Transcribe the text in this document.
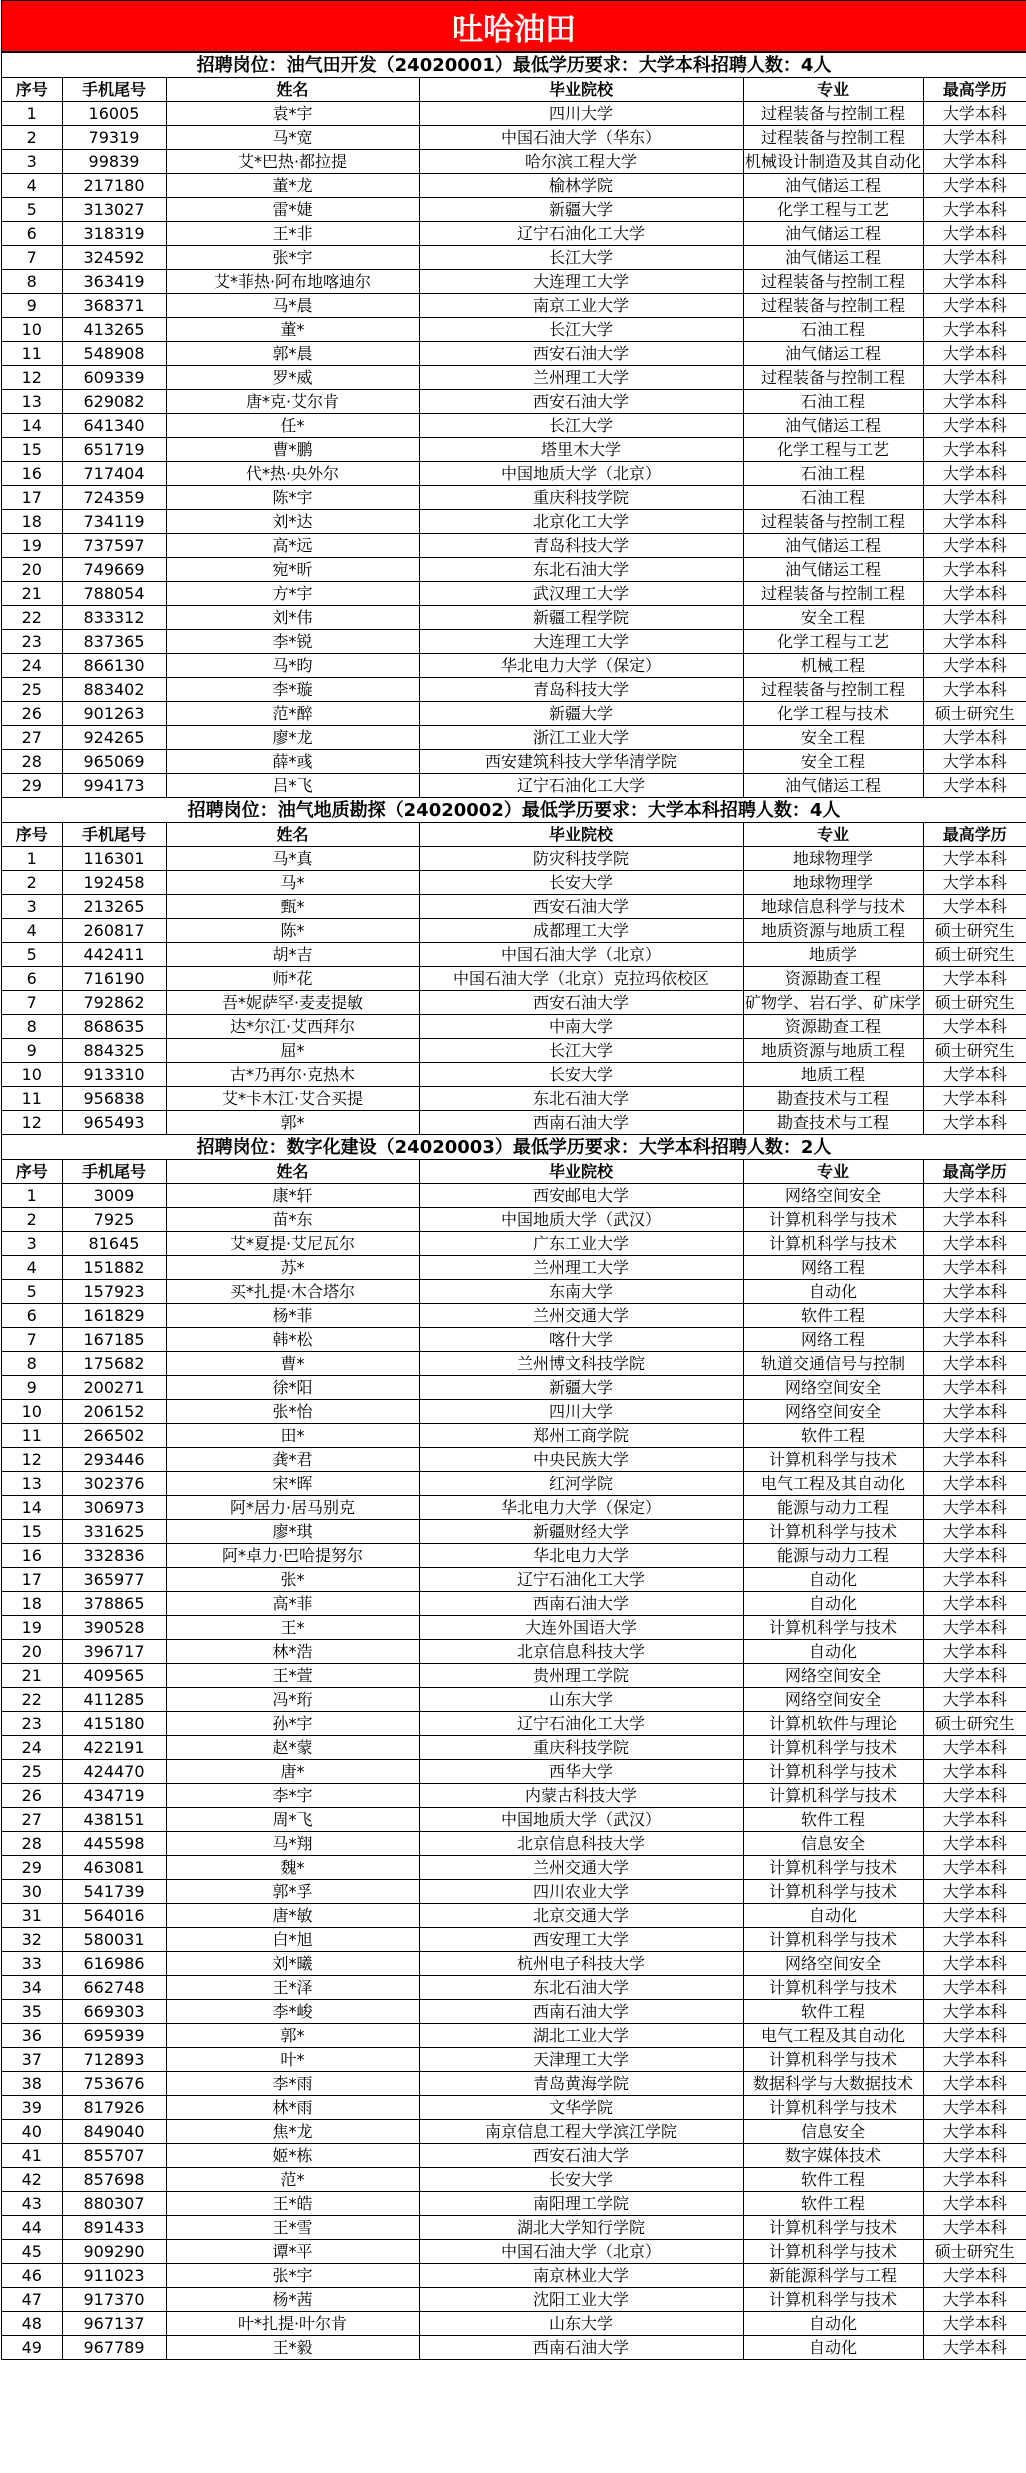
吐哈油田
招聘岗位：油气田开发（24020001）最低学历要求：大学本科招聘人数：4人					
序号	手机尾号	姓名	毕业院校	专业	最高学历
1	16005	袁*宇	四川大学	过程装备与控制工程	大学本科
2	79319	马*宽	中国石油大学（华东）	过程装备与控制工程	大学本科
3	99839	艾*巴热·都拉提	哈尔滨工程大学	机械设计制造及其自动化	大学本科
4	217180	董*龙	榆林学院	油气储运工程	大学本科
5	313027	雷*婕	新疆大学	化学工程与工艺	大学本科
6	318319	王*非	辽宁石油化工大学	油气储运工程	大学本科
7	324592	张*宇	长江大学	油气储运工程	大学本科
8	363419	艾*菲热·阿布地喀迪尔	大连理工大学	过程装备与控制工程	大学本科
9	368371	马*晨	南京工业大学	过程装备与控制工程	大学本科
10	413265	董*	长江大学	石油工程	大学本科
11	548908	郭*晨	西安石油大学	油气储运工程	大学本科
12	609339	罗*威	兰州理工大学	过程装备与控制工程	大学本科
13	629082	唐*克·艾尔肯	西安石油大学	石油工程	大学本科
14	641340	任*	长江大学	油气储运工程	大学本科
15	651719	曹*鹏	塔里木大学	化学工程与工艺	大学本科
16	717404	代*热·央外尔	中国地质大学（北京）	石油工程	大学本科
17	724359	陈*宇	重庆科技学院	石油工程	大学本科
18	734119	刘*达	北京化工大学	过程装备与控制工程	大学本科
19	737597	高*远	青岛科技大学	油气储运工程	大学本科
20	749669	宛*昕	东北石油大学	油气储运工程	大学本科
21	788054	方*宇	武汉理工大学	过程装备与控制工程	大学本科
22	833312	刘*伟	新疆工程学院	安全工程	大学本科
23	837365	李*锐	大连理工大学	化学工程与工艺	大学本科
24	866130	马*昀	华北电力大学（保定）	机械工程	大学本科
25	883402	李*璇	青岛科技大学	过程装备与控制工程	大学本科
26	901263	范*醉	新疆大学	化学工程与技术	硕士研究生
27	924265	廖*龙	浙江工业大学	安全工程	大学本科
28	965069	薛*彧	西安建筑科技大学华清学院	安全工程	大学本科
29	994173	吕*飞	辽宁石油化工大学	油气储运工程	大学本科
招聘岗位：油气地质勘探（24020002）最低学历要求：大学本科招聘人数：4人					
序号	手机尾号	姓名	毕业院校	专业	最高学历
1	116301	马*真	防灾科技学院	地球物理学	大学本科
2	192458	马*	长安大学	地球物理学	大学本科
3	213265	甄*	西安石油大学	地球信息科学与技术	大学本科
4	260817	陈*	成都理工大学	地质资源与地质工程	硕士研究生
5	442411	胡*吉	中国石油大学（北京）	地质学	硕士研究生
6	716190	师*花	中国石油大学（北京）克拉玛依校区	资源勘查工程	大学本科
7	792862	吾*妮萨罕·麦麦提敏	西安石油大学	矿物学、岩石学、矿床学	硕士研究生
8	868635	达*尔江·艾西拜尔	中南大学	资源勘查工程	大学本科
9	884325	屈*	长江大学	地质资源与地质工程	硕士研究生
10	913310	古*乃再尔·克热木	长安大学	地质工程	大学本科
11	956838	艾*卡木江·艾合买提	东北石油大学	勘查技术与工程	大学本科
12	965493	郭*	西南石油大学	勘查技术与工程	大学本科
招聘岗位：数字化建设（24020003）最低学历要求：大学本科招聘人数：2人					
序号	手机尾号	姓名	毕业院校	专业	最高学历
1	3009	康*轩	西安邮电大学	网络空间安全	大学本科
2	7925	苗*东	中国地质大学（武汉）	计算机科学与技术	大学本科
3	81645	艾*夏提·艾尼瓦尔	广东工业大学	计算机科学与技术	大学本科
4	151882	苏*	兰州理工大学	网络工程	大学本科
5	157923	买*扎提·木合塔尔	东南大学	自动化	大学本科
6	161829	杨*菲	兰州交通大学	软件工程	大学本科
7	167185	韩*松	喀什大学	网络工程	大学本科
8	175682	曹*	兰州博文科技学院	轨道交通信号与控制	大学本科
9	200271	徐*阳	新疆大学	网络空间安全	大学本科
10	206152	张*怡	四川大学	网络空间安全	大学本科
11	266502	田*	郑州工商学院	软件工程	大学本科
12	293446	龚*君	中央民族大学	计算机科学与技术	大学本科
13	302376	宋*晖	红河学院	电气工程及其自动化	大学本科
14	306973	阿*居力·居马别克	华北电力大学（保定）	能源与动力工程	大学本科
15	331625	廖*琪	新疆财经大学	计算机科学与技术	大学本科
16	332836	阿*卓力·巴哈提努尔	华北电力大学	能源与动力工程	大学本科
17	365977	张*	辽宁石油化工大学	自动化	大学本科
18	378865	高*菲	西南石油大学	自动化	大学本科
19	390528	王*	大连外国语大学	计算机科学与技术	大学本科
20	396717	林*浩	北京信息科技大学	自动化	大学本科
21	409565	王*萱	贵州理工学院	网络空间安全	大学本科
22	411285	冯*珩	山东大学	网络空间安全	大学本科
23	415180	孙*宇	辽宁石油化工大学	计算机软件与理论	硕士研究生
24	422191	赵*蒙	重庆科技学院	计算机科学与技术	大学本科
25	424470	唐*	西华大学	计算机科学与技术	大学本科
26	434719	李*宇	内蒙古科技大学	计算机科学与技术	大学本科
27	438151	周*飞	中国地质大学（武汉）	软件工程	大学本科
28	445598	马*翔	北京信息科技大学	信息安全	大学本科
29	463081	魏*	兰州交通大学	计算机科学与技术	大学本科
30	541739	郭*孚	四川农业大学	计算机科学与技术	大学本科
31	564016	唐*敏	北京交通大学	自动化	大学本科
32	580031	白*旭	西安理工大学	计算机科学与技术	大学本科
33	616986	刘*曦	杭州电子科技大学	网络空间安全	大学本科
34	662748	王*泽	东北石油大学	计算机科学与技术	大学本科
35	669303	李*峻	西南石油大学	软件工程	大学本科
36	695939	郭*	湖北工业大学	电气工程及其自动化	大学本科
37	712893	叶*	天津理工大学	计算机科学与技术	大学本科
38	753676	李*雨	青岛黄海学院	数据科学与大数据技术	大学本科
39	817926	林*雨	文华学院	计算机科学与技术	大学本科
40	849040	焦*龙	南京信息工程大学滨江学院	信息安全	大学本科
41	855707	姬*栋	西安石油大学	数字媒体技术	大学本科
42	857698	范*	长安大学	软件工程	大学本科
43	880307	王*皓	南阳理工学院	软件工程	大学本科
44	891433	王*雪	湖北大学知行学院	计算机科学与技术	大学本科
45	909290	谭*平	中国石油大学（北京）	计算机科学与技术	硕士研究生
46	911023	张*宇	南京林业大学	新能源科学与工程	大学本科
47	917370	杨*茜	沈阳工业大学	计算机科学与技术	大学本科
48	967137	叶*扎提·叶尔肯	山东大学	自动化	大学本科
49	967789	王*毅	西南石油大学	自动化	大学本科
